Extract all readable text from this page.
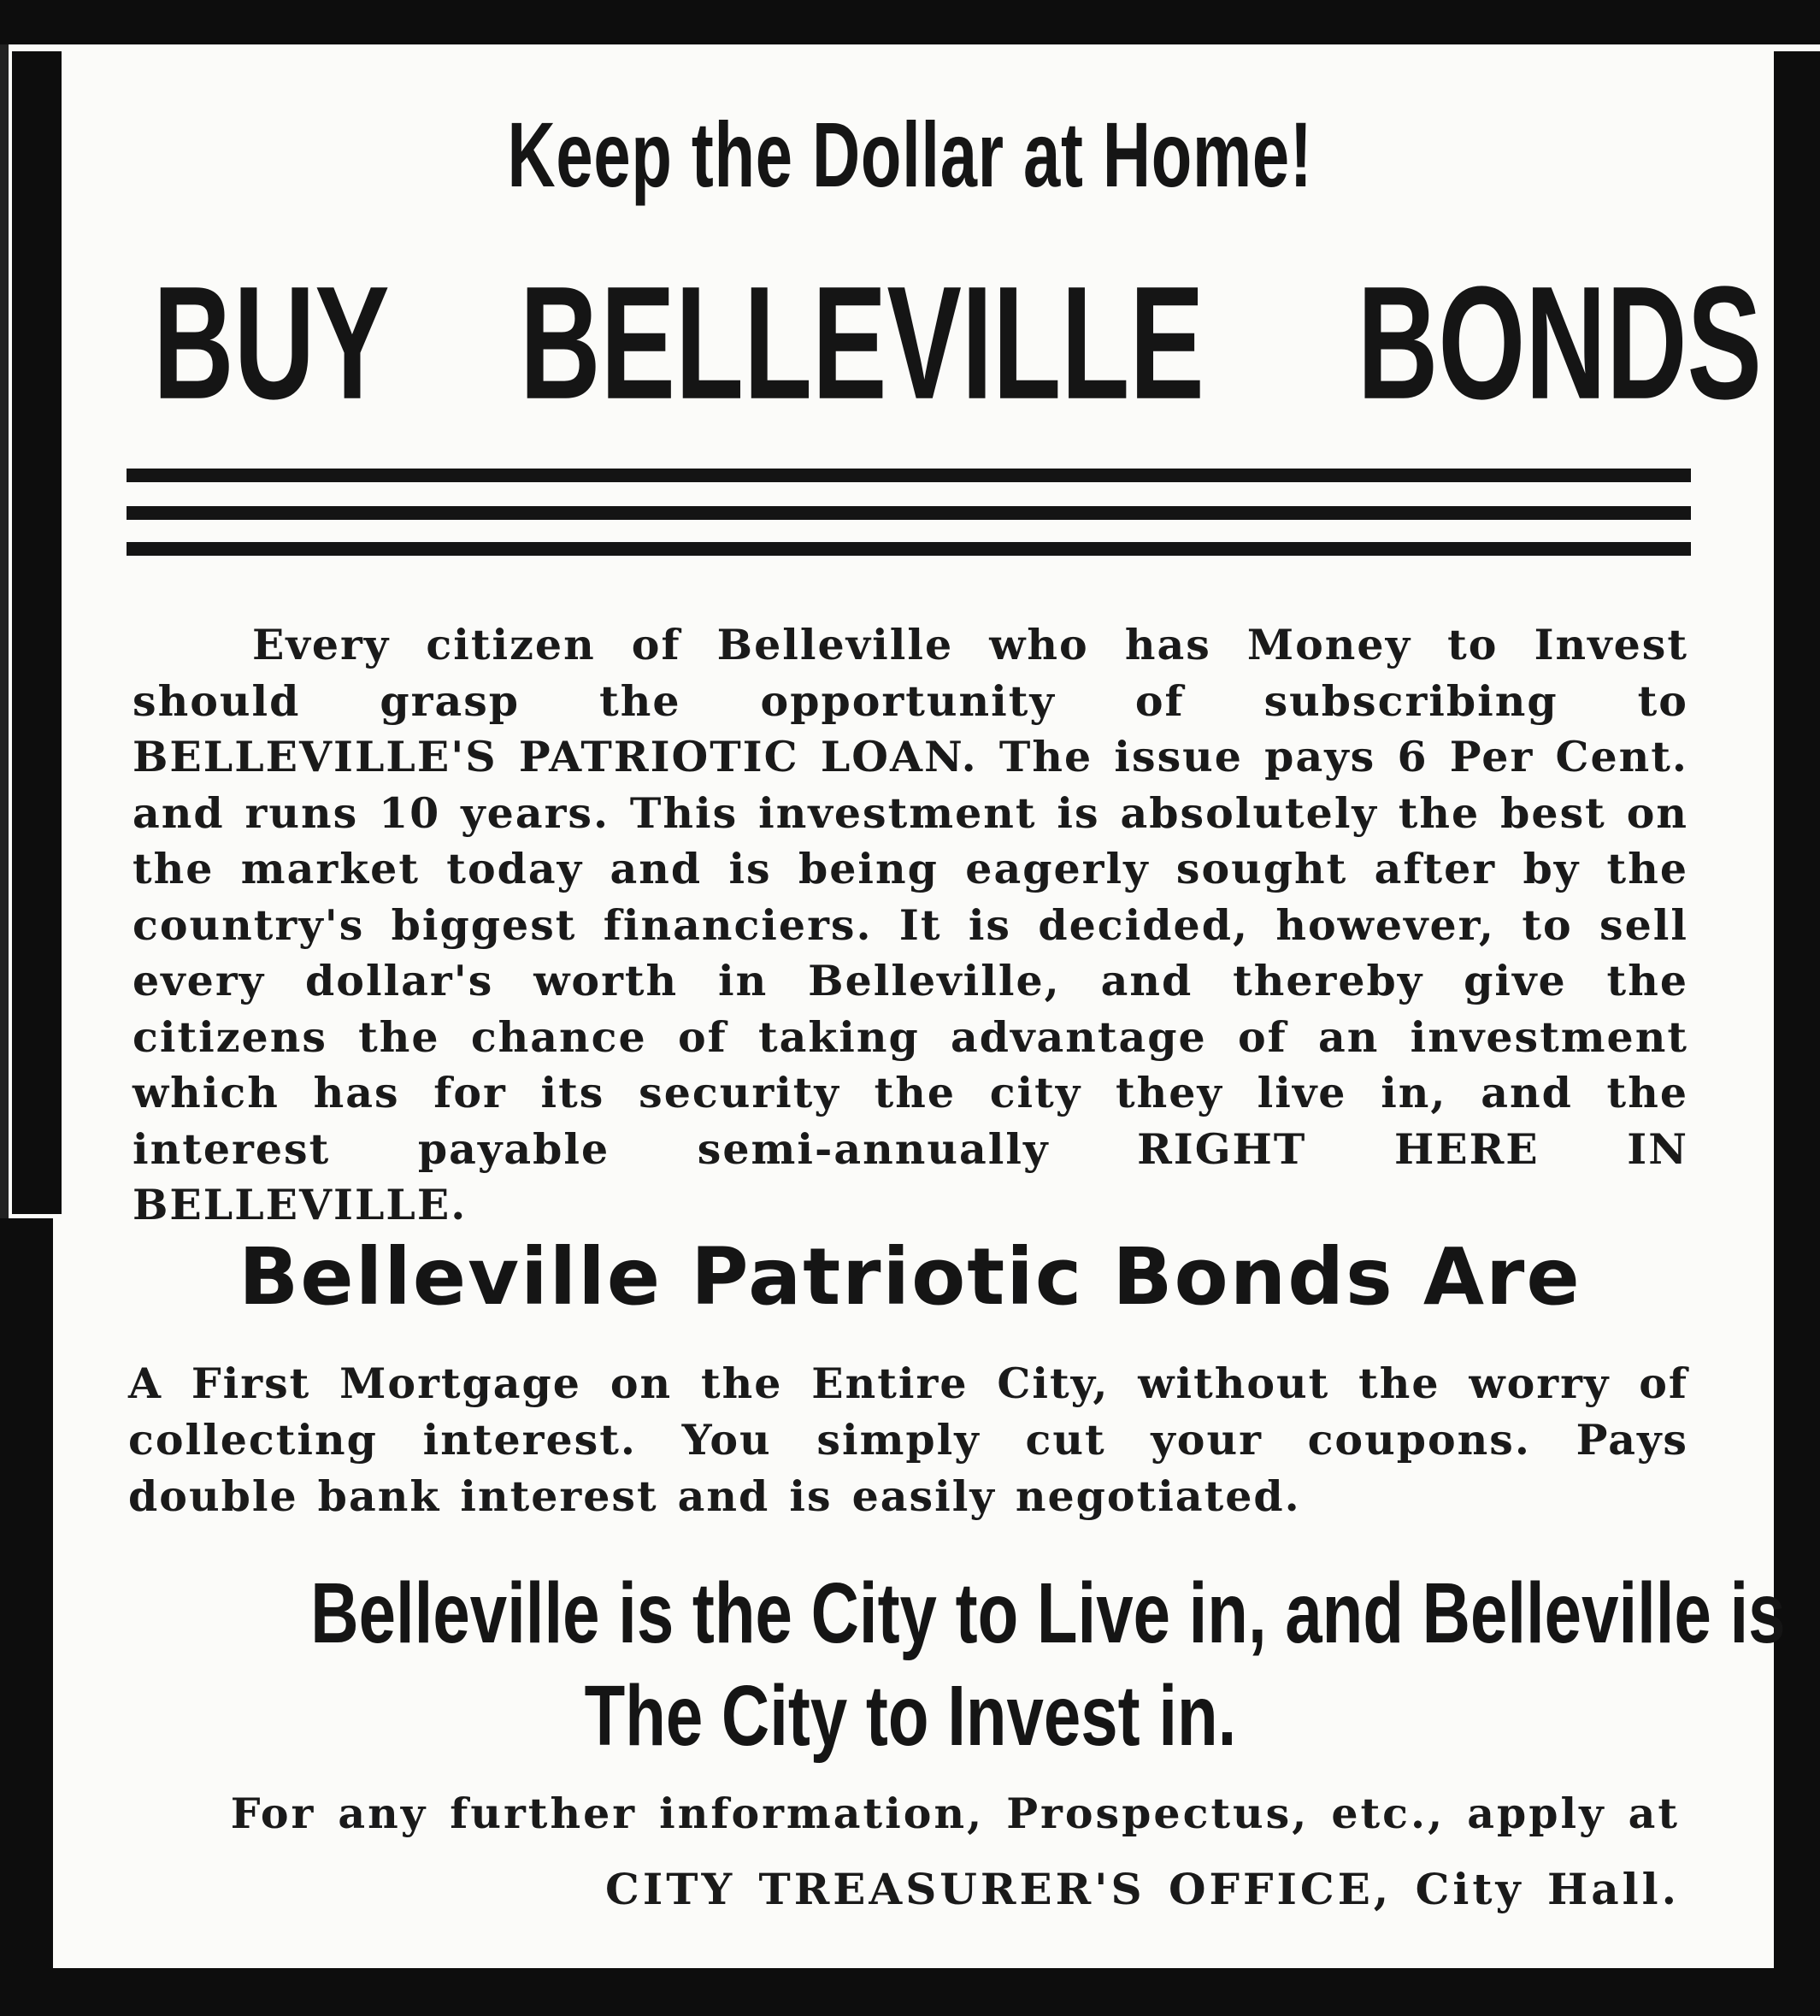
Keep the Dollar at Home!
BUY BELLEVILLE BONDS
Every citizen of Belleville who has Money to Invest should grasp the opportunity of subscribing to BELLEVILLE'S PATRIOTIC LOAN. The issue pays 6 Per Cent. and runs 10 years. This investment is absolutely the best on the market today and is being eagerly sought after by the country's biggest financiers. It is decided, however, to sell every dollar's worth in Belleville, and thereby give the citizens the chance of taking advantage of an investment which has for its security the city they live in, and the interest payable semi-annually RIGHT HERE IN BELLEVILLE.
Belleville Patriotic Bonds Are
A First Mortgage on the Entire City, without the worry of collecting interest. You simply cut your coupons. Pays double bank interest and is easily negotiated.
Belleville is the City to Live in, and Belleville is
The City to Invest in.
For any further information, Prospectus, etc., apply at
CITY TREASURER'S OFFICE, City Hall.
